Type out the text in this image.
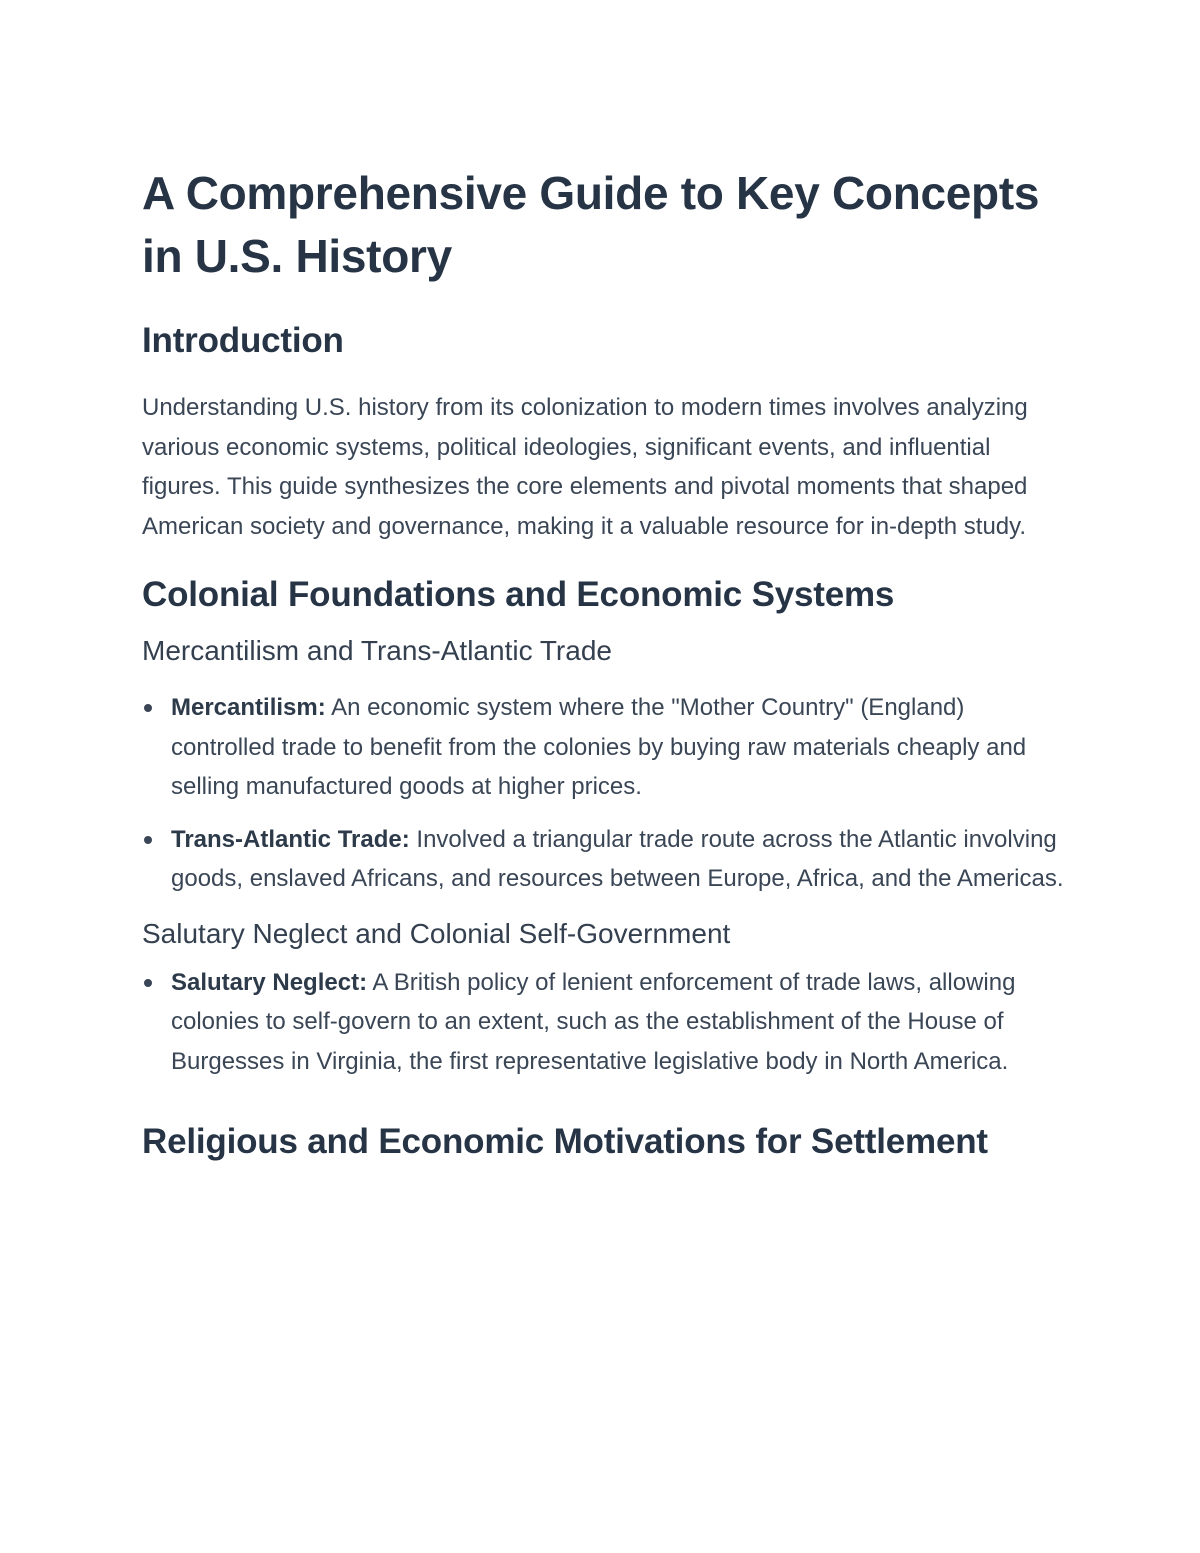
A Comprehensive Guide to Key Concepts in U.S. History
Introduction

Understanding U.S. history from its colonization to modern times involves analyzing various economic systems, political ideologies, significant events, and influential figures. This guide synthesizes the core elements and pivotal moments that shaped American society and governance, making it a valuable resource for in-depth study.

Colonial Foundations and Economic Systems
Mercantilism and Trans-Atlantic Trade
Mercantilism: An economic system where the "Mother Country" (England) controlled trade to benefit from the colonies by buying raw materials cheaply and selling manufactured goods at higher prices.
Trans-Atlantic Trade: Involved a triangular trade route across the Atlantic involving goods, enslaved Africans, and resources between Europe, Africa, and the Americas.
Salutary Neglect and Colonial Self-Government
Salutary Neglect: A British policy of lenient enforcement of trade laws, allowing colonies to self-govern to an extent, such as the establishment of the House of Burgesses in Virginia, the first representative legislative body in North America.
Religious and Economic Motivations for Settlement
